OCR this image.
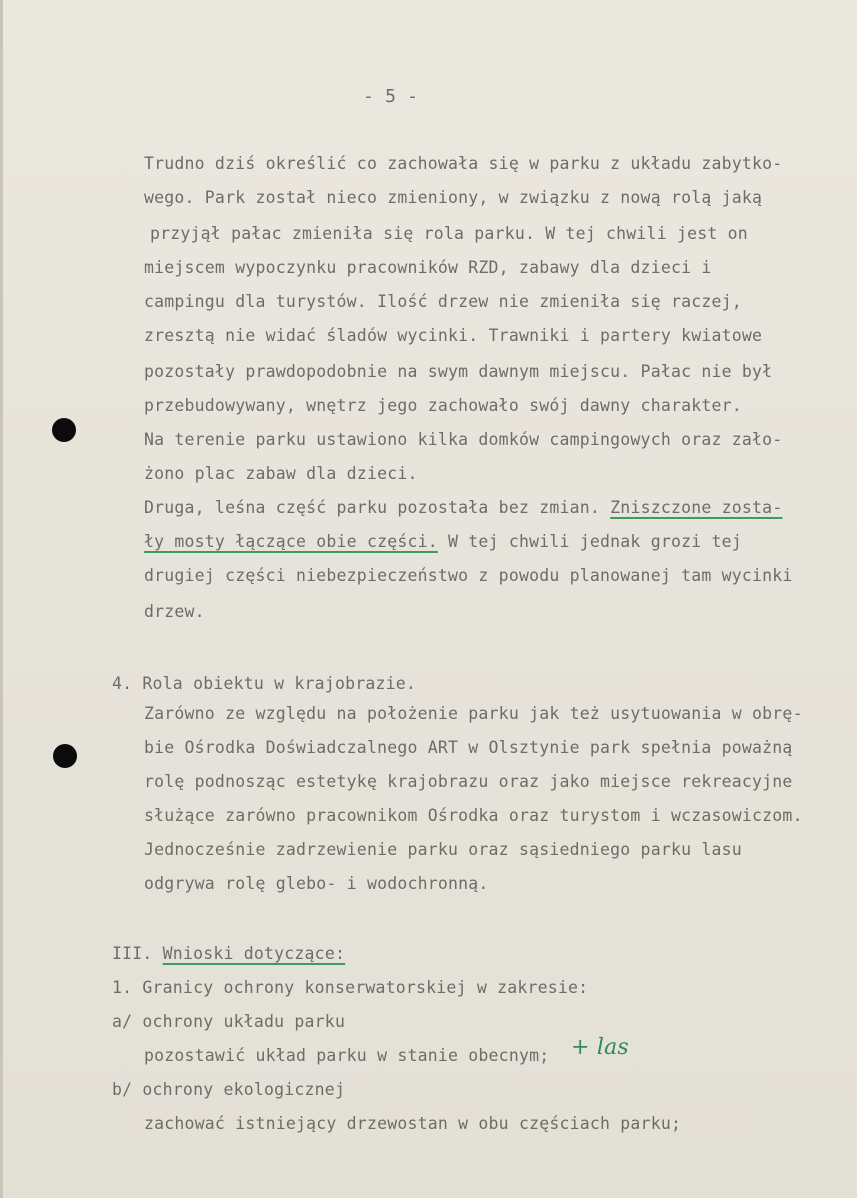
- 5 -
Trudno dziś określić co zachowała się w parku z układu zabytko-
wego. Park został nieco zmieniony, w związku z nową rolą jaką
przyjął pałac zmieniła się rola parku. W tej chwili jest on
miejscem wypoczynku pracowników RZD, zabawy dla dzieci i
campingu dla turystów. Ilość drzew nie zmieniła się raczej,
zresztą nie widać śladów wycinki. Trawniki i partery kwiatowe
pozostały prawdopodobnie na swym dawnym miejscu. Pałac nie był
przebudowywany, wnętrz jego zachowało swój dawny charakter.
Na terenie parku ustawiono kilka domków campingowych oraz zało-
żono plac zabaw dla dzieci.
Druga, leśna część parku pozostała bez zmian. Zniszczone zosta-
ły mosty łączące obie części. W tej chwili jednak grozi tej
drugiej części niebezpieczeństwo z powodu planowanej tam wycinki
drzew.
4. Rola obiektu w krajobrazie.
Zarówno ze względu na położenie parku jak też usytuowania w obrę-
bie Ośrodka Doświadczalnego ART w Olsztynie park spełnia poważną
rolę podnosząc estetykę krajobrazu oraz jako miejsce rekreacyjne
służące zarówno pracownikom Ośrodka oraz turystom i wczasowiczom.
Jednocześnie zadrzewienie parku oraz sąsiedniego parku lasu
odgrywa rolę glebo- i wodochronną.
III. Wnioski dotyczące:
1. Granicy ochrony konserwatorskiej w zakresie:
a/ ochrony układu parku
pozostawić układ parku w stanie obecnym; + las
b/ ochrony ekologicznej
zachować istniejący drzewostan w obu częściach parku;
